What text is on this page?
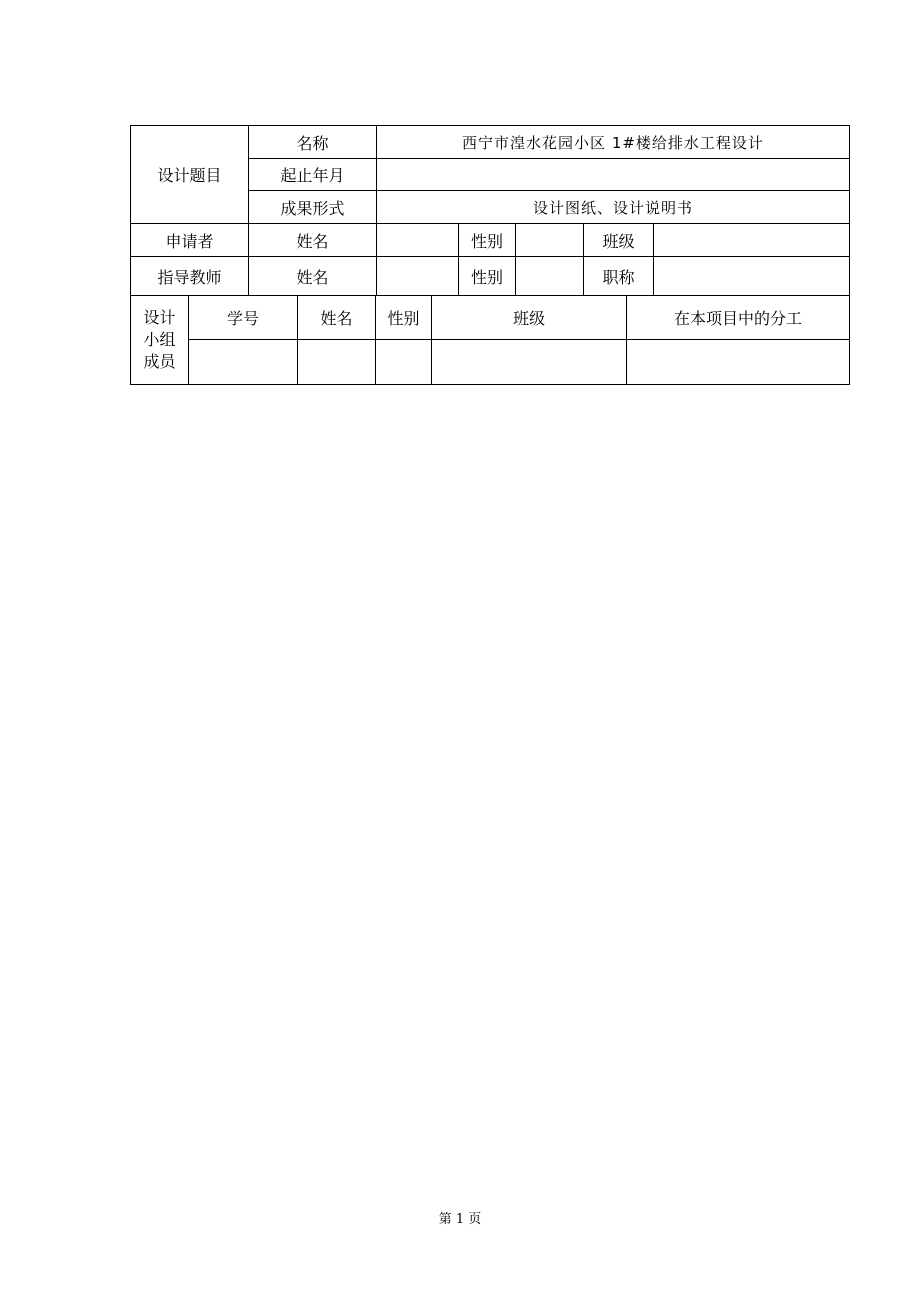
设计题目	名称	西宁市湟水花园小区 1#楼给排水工程设计				
	起止年月					
	成果形式	设计图纸、设计说明书				
申请者	姓名		性别		班级	
指导教师	姓名		性别		职称	
设计
小组
成员	学号	姓名	性别	班级	在本项目中的分工

第 1 页
